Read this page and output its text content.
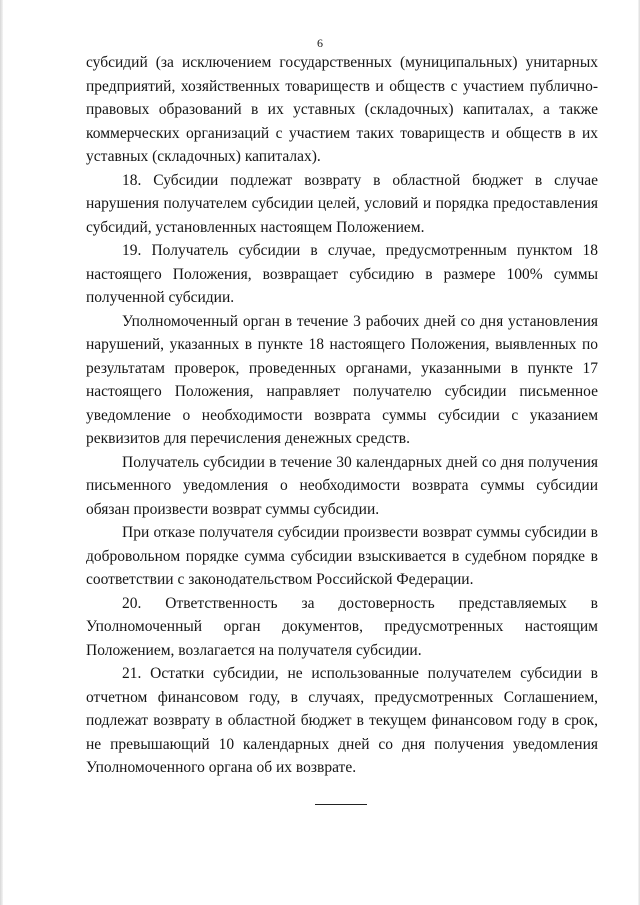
6

субсидий (за исключением государственных (муниципальных) унитарных предприятий, хозяйственных товариществ и обществ с участием публично-правовых образований в их уставных (складочных) капиталах, а также коммерческих организаций с участием таких товариществ и обществ в их уставных (складочных) капиталах).

18. Субсидии подлежат возврату в областной бюджет в случае нарушения получателем субсидии целей, условий и порядка предоставления субсидий, установленных настоящем Положением.

19. Получатель субсидии в случае, предусмотренным пунктом 18 настоящего Положения, возвращает субсидию в размере 100% суммы полученной субсидии.

Уполномоченный орган в течение 3 рабочих дней со дня установления нарушений, указанных в пункте 18 настоящего Положения, выявленных по результатам проверок, проведенных органами, указанными в пункте 17 настоящего Положения, направляет получателю субсидии письменное уведомление о необходимости возврата суммы субсидии с указанием реквизитов для перечисления денежных средств.

Получатель субсидии в течение 30 календарных дней со дня получения письменного уведомления о необходимости возврата суммы субсидии обязан произвести возврат суммы субсидии.

При отказе получателя субсидии произвести возврат суммы субсидии в добровольном порядке сумма субсидии взыскивается в судебном порядке в соответствии с законодательством Российской Федерации.

20. Ответственность за достоверность представляемых в Уполномоченный орган документов, предусмотренных настоящим Положением, возлагается на получателя субсидии.

21. Остатки субсидии, не использованные получателем субсидии в отчетном финансовом году, в случаях, предусмотренных Соглашением, подлежат возврату в областной бюджет в текущем финансовом году в срок, не превышающий 10 календарных дней со дня получения уведомления Уполномоченного органа об их возврате.
